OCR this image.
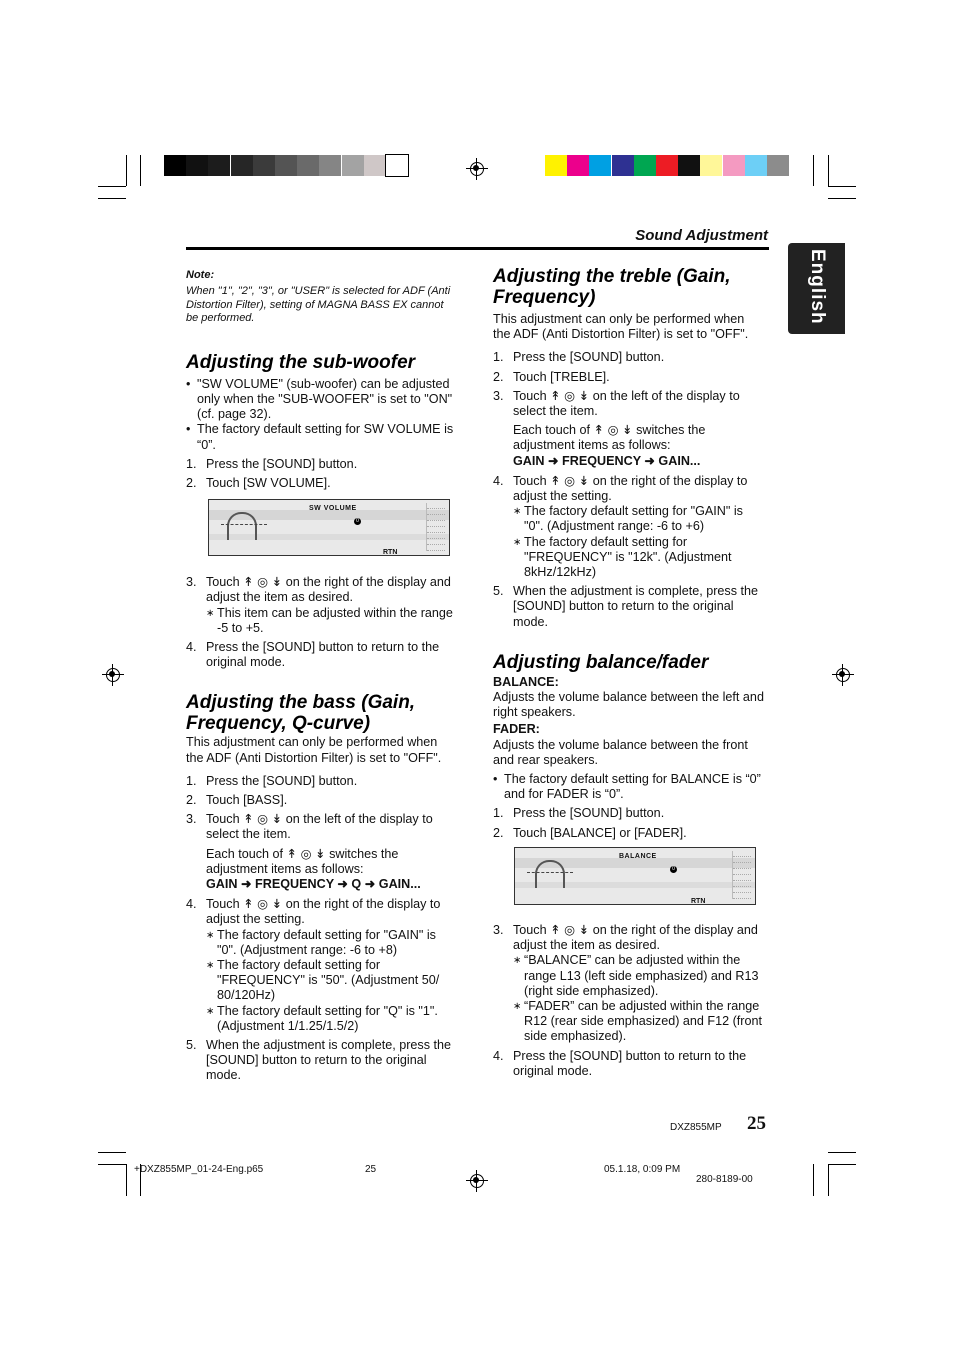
Sound Adjustment
English

Note:

When "1", "2", "3", or "USER" is selected for ADF (Anti Distortion Filter), setting of MAGNA BASS EX cannot be performed.

Adjusting the sub-woofer

• "SW VOLUME" (sub-woofer) can be adjusted only when the "SUB-WOOFER" is set to "ON" (cf. page 32).

• The factory default setting for SW VOLUME is “0”.

1. Press the [SOUND] button.

2. Touch [SW VOLUME].

SW VOLUME
0
RTN

3. Touch ↟ ◎ ↡ on the right of the display and adjust the item as desired.

∗ This item can be adjusted within the range -5 to +5.

4. Press the [SOUND] button to return to the original mode.

Adjusting the bass (Gain, Frequency, Q-curve)

This adjustment can only be performed when the ADF (Anti Distortion Filter) is set to "OFF".

1. Press the [SOUND] button.

2. Touch [BASS].

3. Touch ↟ ◎ ↡ on the left of the display to select the item.

Each touch of ↟ ◎ ↡ switches the adjustment items as follows:

GAIN ➜ FREQUENCY ➜ Q ➜ GAIN...

4. Touch ↟ ◎ ↡ on the right of the display to adjust the setting.

∗ The factory default setting for "GAIN" is "0". (Adjustment range: -6 to +8)

∗ The factory default setting for "FREQUENCY" is "50". (Adjustment 50/ 80/120Hz)

∗ The factory default setting for "Q" is "1". (Adjustment 1/1.25/1.5/2)

5. When the adjustment is complete, press the [SOUND] button to return to the original mode.

Adjusting the treble (Gain, Frequency)

This adjustment can only be performed when the ADF (Anti Distortion Filter) is set to "OFF".

1. Press the [SOUND] button.

2. Touch [TREBLE].

3. Touch ↟ ◎ ↡ on the left of the display to select the item.

Each touch of ↟ ◎ ↡ switches the adjustment items as follows:

GAIN ➜ FREQUENCY ➜ GAIN...

4. Touch ↟ ◎ ↡ on the right of the display to adjust the setting.

∗ The factory default setting for "GAIN" is "0". (Adjustment range: -6 to +6)

∗ The factory default setting for "FREQUENCY" is "12k". (Adjustment 8kHz/12kHz)

5. When the adjustment is complete, press the [SOUND] button to return to the original mode.

Adjusting balance/fader

BALANCE:

Adjusts the volume balance between the left and right speakers.

FADER:

Adjusts the volume balance between the front and rear speakers.

• The factory default setting for BALANCE is “0” and for FADER is “0”.

1. Press the [SOUND] button.

2. Touch [BALANCE] or [FADER].

BALANCE
0
RTN

3. Touch ↟ ◎ ↡ on the right of the display and adjust the item as desired.

∗ “BALANCE” can be adjusted within the range L13 (left side emphasized) and R13 (right side emphasized).

∗ “FADER” can be adjusted within the range R12 (rear side emphasized) and F12 (front side emphasized).

4. Press the [SOUND] button to return to the original mode.

DXZ855MP 25
+DXZ855MP_01-24-Eng.p65	25	05.1.18, 0:09 PM
280-8189-00
